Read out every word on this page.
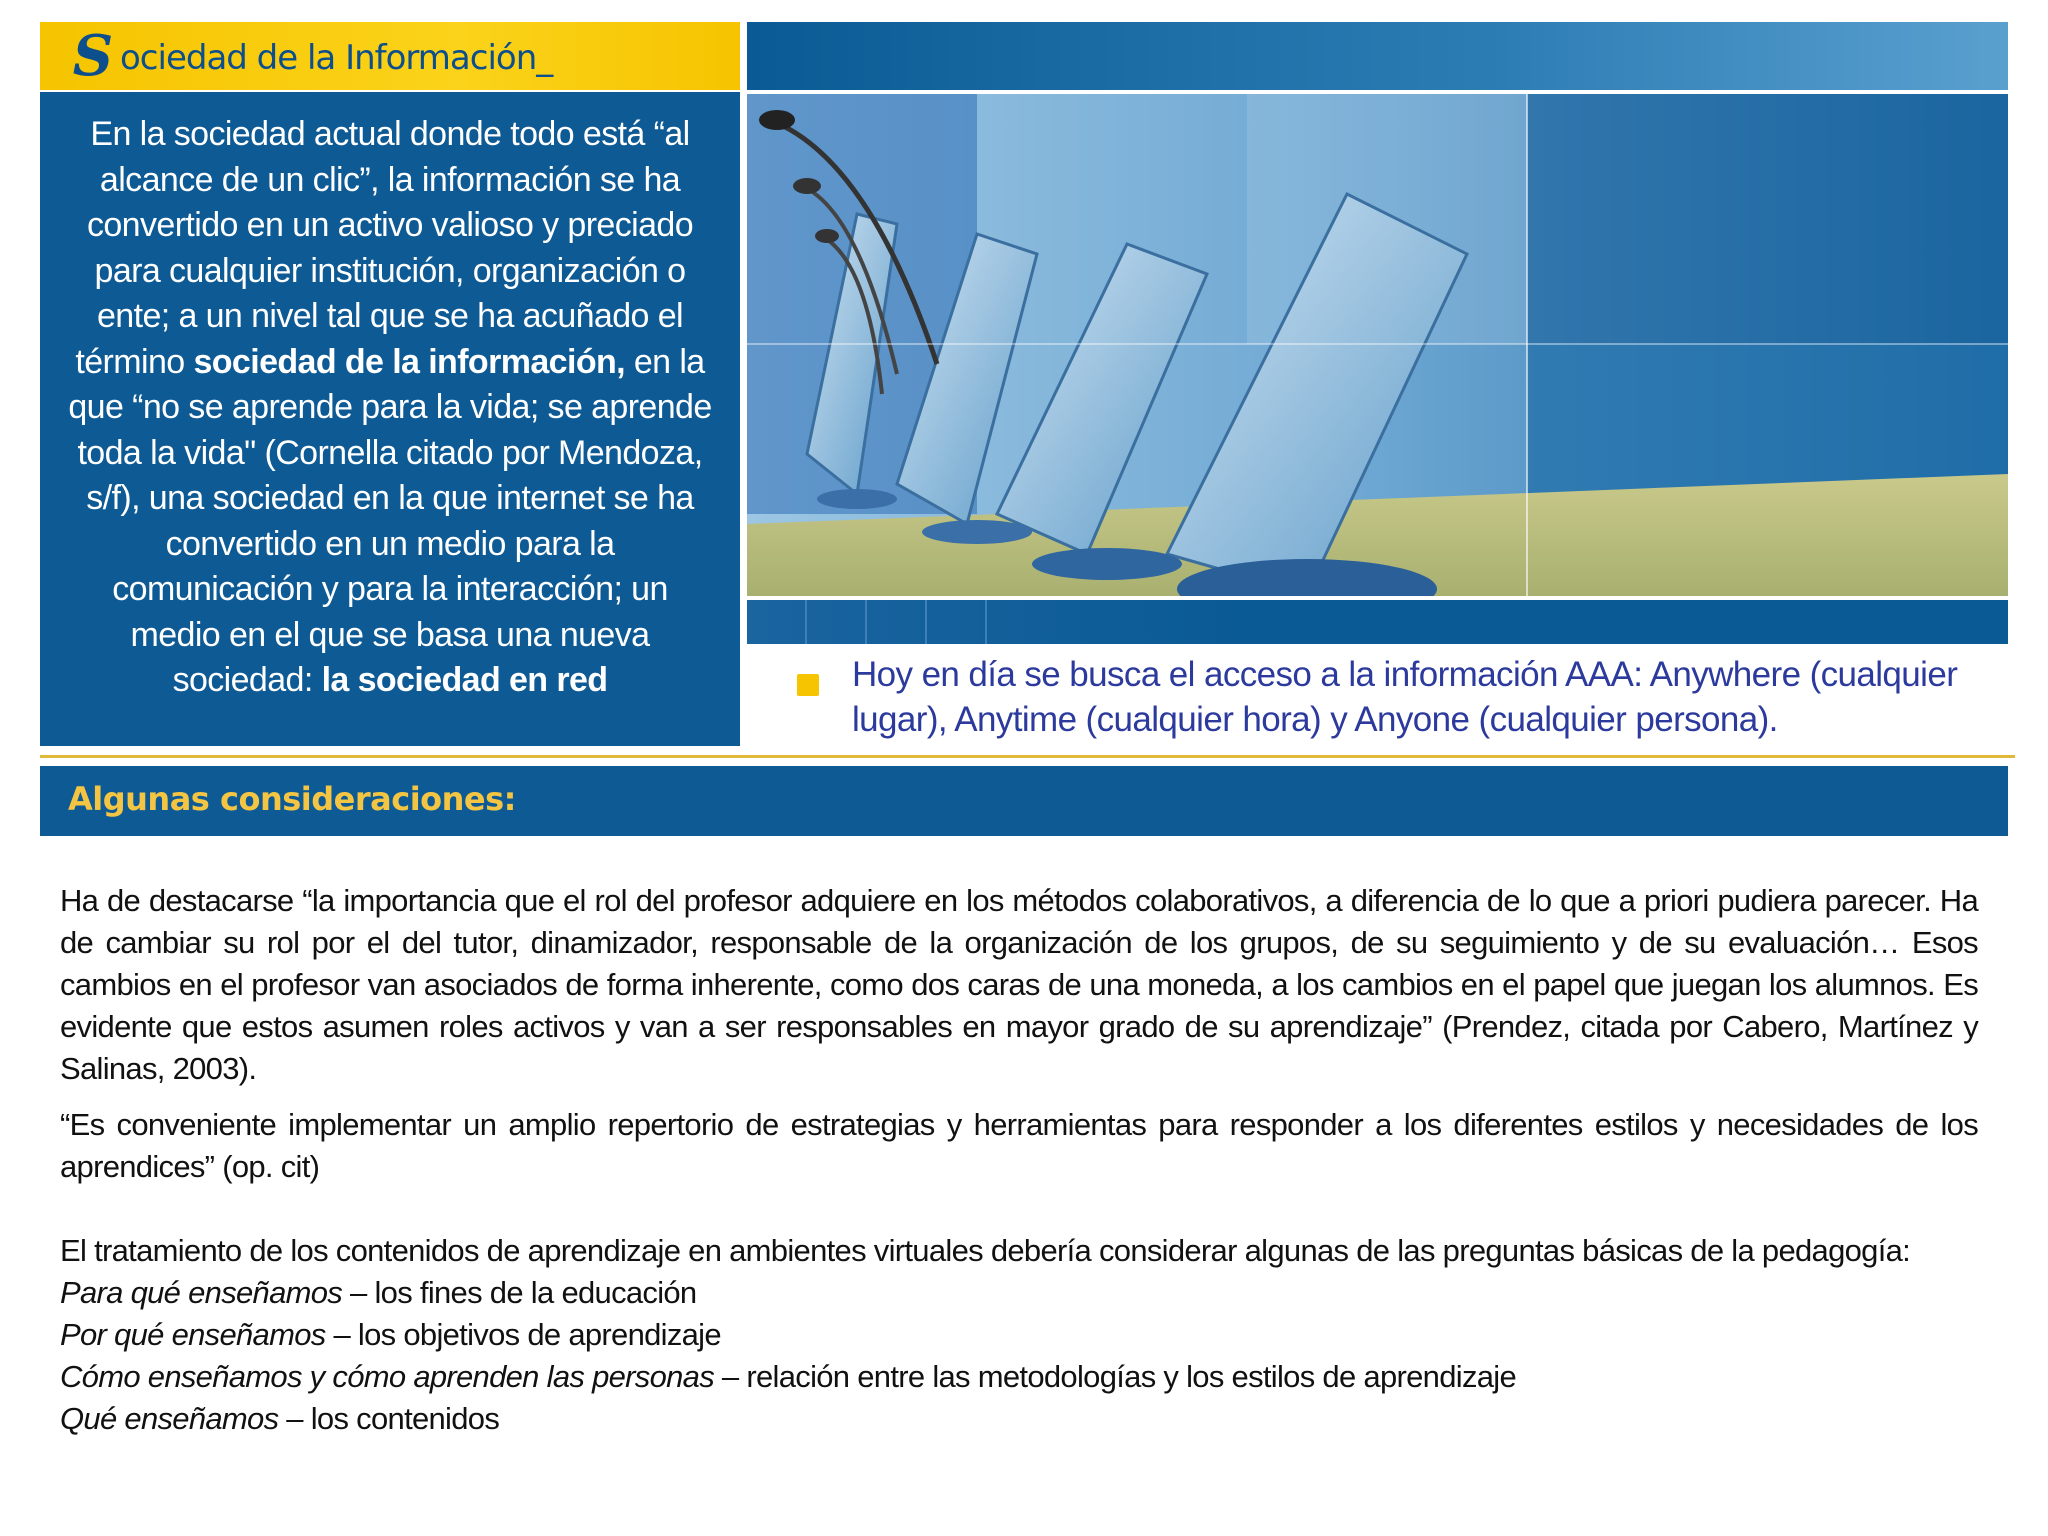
S ociedad de la Información_
En la sociedad actual donde todo está “al alcance de un clic”, la información se ha convertido en un activo valioso y preciado para cualquier institución, organización o ente; a un nivel tal que se ha acuñado el término sociedad de la información, en la que “no se aprende para la vida; se aprende toda la vida" (Cornella citado por Mendoza, s/f), una sociedad en la que internet se ha convertido en un medio para la comunicación y para la interacción; un medio en el que se basa una nueva sociedad: la sociedad en red	Hoy en día se busca el acceso a la información AAA: Anywhere (cualquier lugar), Anytime (cualquier hora) y Anyone (cualquier persona).
Algunas consideraciones:

Ha de destacarse “la importancia que el rol del profesor adquiere en los métodos colaborativos, a diferencia de lo que a priori pudiera parecer. Ha de cambiar su rol por el del tutor, dinamizador, responsable de la organización de los grupos, de su seguimiento y de su evaluación… Esos cambios en el profesor van asociados de forma inherente, como dos caras de una moneda, a los cambios en el papel que juegan los alumnos. Es evidente que estos asumen roles activos y van a ser responsables en mayor grado de su aprendizaje” (Prendez, citada por Cabero, Martínez y Salinas, 2003).

“Es conveniente implementar un amplio repertorio de estrategias y herramientas para responder a los diferentes estilos y necesidades de los aprendices” (op. cit)

El tratamiento de los contenidos de aprendizaje en ambientes virtuales debería considerar algunas de las preguntas básicas de la pedagogía:

Para qué enseñamos – los fines de la educación

Por qué enseñamos – los objetivos de aprendizaje

Cómo enseñamos y cómo aprenden las personas – relación entre las metodologías y los estilos de aprendizaje

Qué enseñamos – los contenidos
